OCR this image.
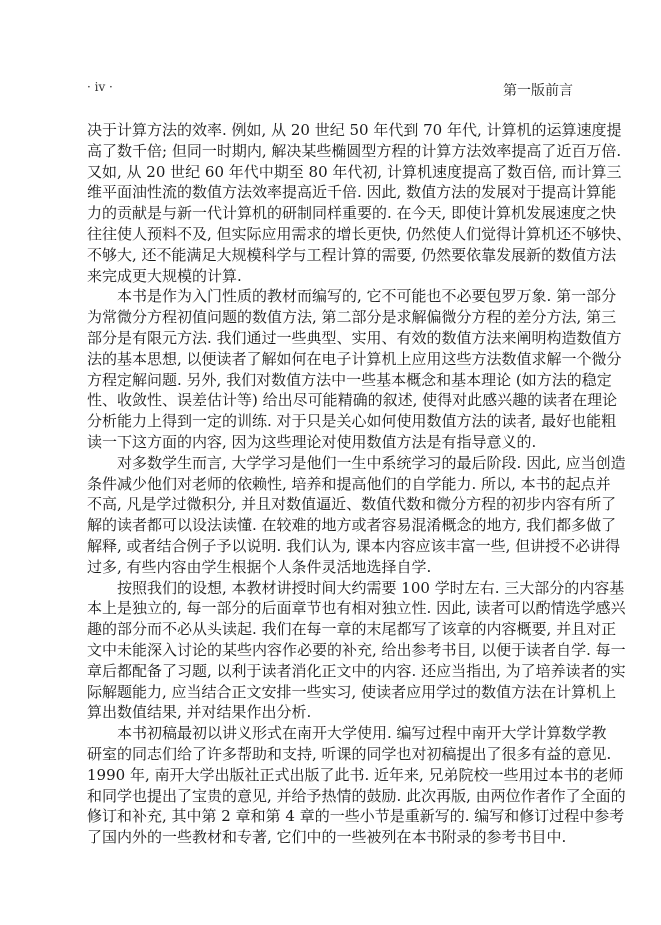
· iv ·	第一版前言
决于计算方法的效率. 例如, 从 20 世纪 50 年代到 70 年代, 计算机的运算速度提
高了数千倍; 但同一时期内, 解决某些椭圆型方程的计算方法效率提高了近百万倍.
又如, 从 20 世纪 60 年代中期至 80 年代初, 计算机速度提高了数百倍, 而计算三
维平面油性流的数值方法效率提高近千倍. 因此, 数值方法的发展对于提高计算能
力的贡献是与新一代计算机的研制同样重要的. 在今天, 即使计算机发展速度之快
往往使人预料不及, 但实际应用需求的增长更快, 仍然使人们觉得计算机还不够快、
不够大, 还不能满足大规模科学与工程计算的需要, 仍然要依靠发展新的数值方法
来完成更大规模的计算.
本书是作为入门性质的教材而编写的, 它不可能也不必要包罗万象. 第一部分
为常微分方程初值问题的数值方法, 第二部分是求解偏微分方程的差分方法, 第三
部分是有限元方法. 我们通过一些典型、实用、有效的数值方法来阐明构造数值方
法的基本思想, 以便读者了解如何在电子计算机上应用这些方法数值求解一个微分
方程定解问题. 另外, 我们对数值方法中一些基本概念和基本理论 (如方法的稳定
性、收敛性、误差估计等) 给出尽可能精确的叙述, 使得对此感兴趣的读者在理论
分析能力上得到一定的训练. 对于只是关心如何使用数值方法的读者, 最好也能粗
读一下这方面的内容, 因为这些理论对使用数值方法是有指导意义的.
对多数学生而言, 大学学习是他们一生中系统学习的最后阶段. 因此, 应当创造
条件减少他们对老师的依赖性, 培养和提高他们的自学能力. 所以, 本书的起点并
不高, 凡是学过微积分, 并且对数值逼近、数值代数和微分方程的初步内容有所了
解的读者都可以设法读懂. 在较难的地方或者容易混淆概念的地方, 我们都多做了
解释, 或者结合例子予以说明. 我们认为, 课本内容应该丰富一些, 但讲授不必讲得
过多, 有些内容由学生根据个人条件灵活地选择自学.
按照我们的设想, 本教材讲授时间大约需要 100 学时左右. 三大部分的内容基
本上是独立的, 每一部分的后面章节也有相对独立性. 因此, 读者可以酌情选学感兴
趣的部分而不必从头读起. 我们在每一章的末尾都写了该章的内容概要, 并且对正
文中未能深入讨论的某些内容作必要的补充, 给出参考书目, 以便于读者自学. 每一
章后都配备了习题, 以利于读者消化正文中的内容. 还应当指出, 为了培养读者的实
际解题能力, 应当结合正文安排一些实习, 使读者应用学过的数值方法在计算机上
算出数值结果, 并对结果作出分析.
本书初稿最初以讲义形式在南开大学使用. 编写过程中南开大学计算数学教
研室的同志们给了许多帮助和支持, 听课的同学也对初稿提出了很多有益的意见.
1990 年, 南开大学出版社正式出版了此书. 近年来, 兄弟院校一些用过本书的老师
和同学也提出了宝贵的意见, 并给予热情的鼓励. 此次再版, 由两位作者作了全面的
修订和补充, 其中第 2 章和第 4 章的一些小节是重新写的. 编写和修订过程中参考
了国内外的一些教材和专著, 它们中的一些被列在本书附录的参考书目中.
